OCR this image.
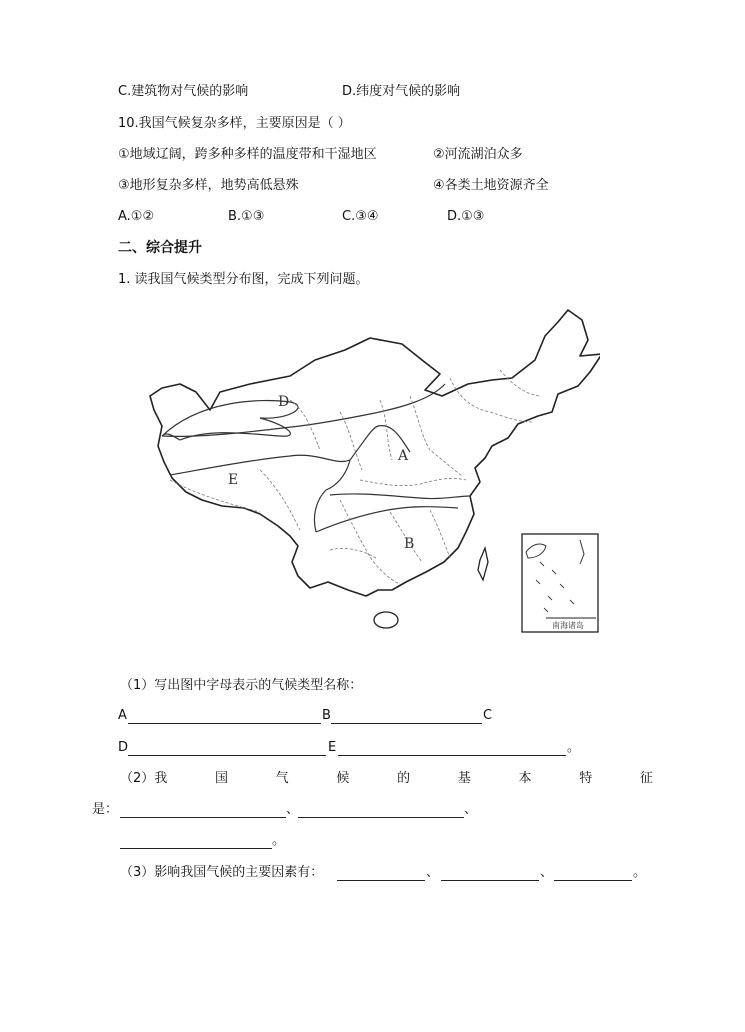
C.建筑物对气候的影响	D.纬度对气候的影响
10.我国气候复杂多样，主要原因是（ ）
①地域辽阔，跨多种多样的温度带和干湿地区	②河流湖泊众多
③地形复杂多样，地势高低悬殊	④各类土地资源齐全
A.①②	B.①③	C.③④	D.①③
二、综合提升
1. 读我国气候类型分布图，完成下列问题。
A
B
D
E
南海诸岛
（1）写出图中字母表示的气候类型名称：
A	B	C
D	E	。
（2）我	国	气	候	的	基	本	特	征
是：	、	、
。
（3）影响我国气候的主要因素有：	、	、	。
